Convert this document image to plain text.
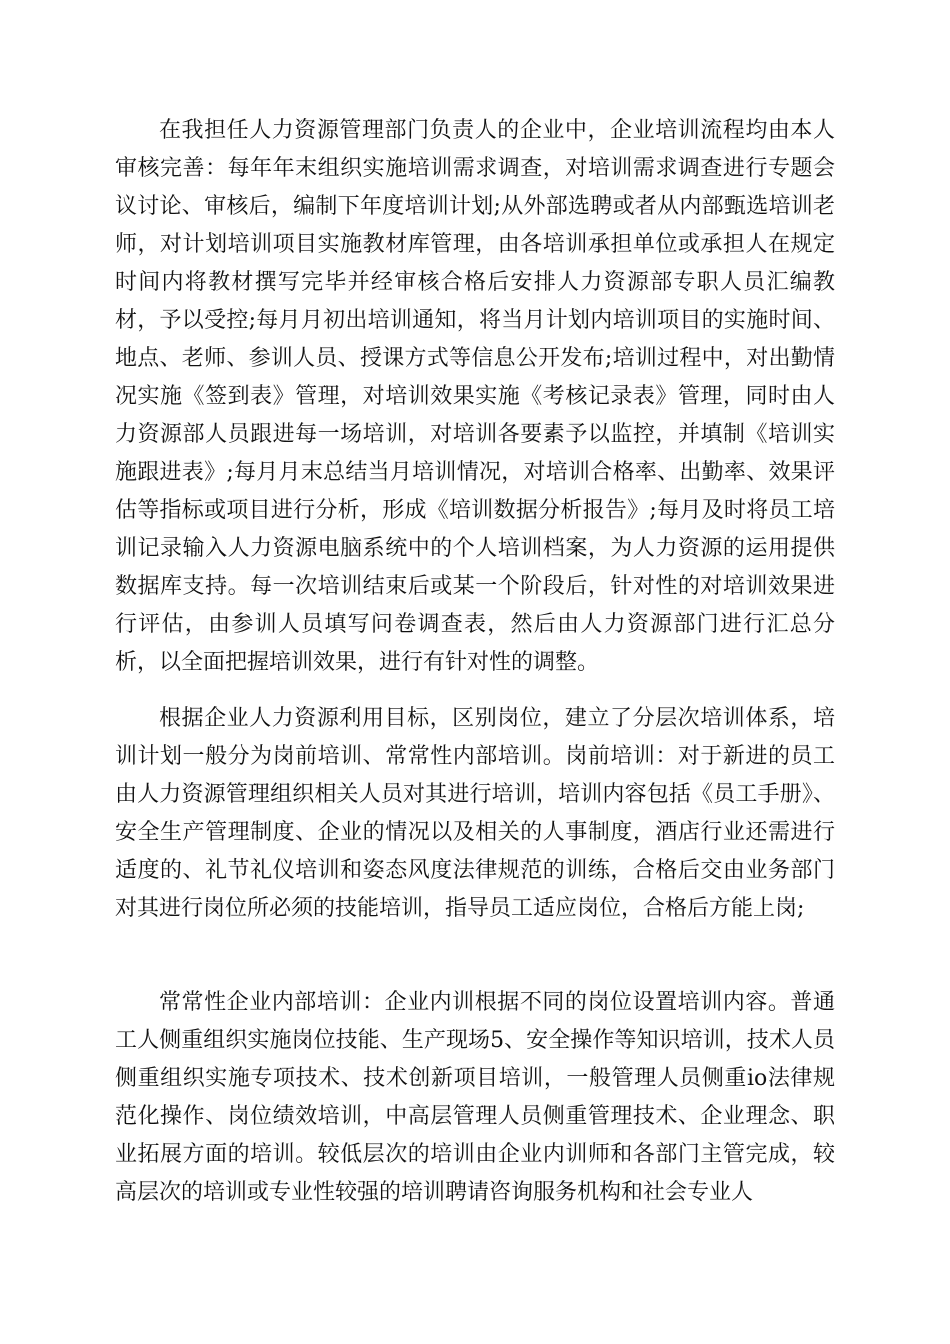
在我担任人力资源管理部门负责人的企业中，企业培训流程均由本人审核完善：每年年末组织实施培训需求调查，对培训需求调查进行专题会议讨论、审核后，编制下年度培训计划;从外部选聘或者从内部甄选培训老师，对计划培训项目实施教材库管理，由各培训承担单位或承担人在规定时间内将教材撰写完毕并经审核合格后安排人力资源部专职人员汇编教材，予以受控;每月月初出培训通知，将当月计划内培训项目的实施时间、地点、老师、参训人员、授课方式等信息公开发布;培训过程中，对出勤情况实施《签到表》管理，对培训效果实施《考核记录表》管理，同时由人力资源部人员跟进每一场培训，对培训各要素予以监控，并填制《培训实施跟进表》;每月月末总结当月培训情况，对培训合格率、出勤率、效果评估等指标或项目进行分析，形成《培训数据分析报告》;每月及时将员工培训记录输入人力资源电脑系统中的个人培训档案，为人力资源的运用提供数据库支持。每一次培训结束后或某一个阶段后，针对性的对培训效果进行评估，由参训人员填写问卷调查表，然后由人力资源部门进行汇总分析，以全面把握培训效果，进行有针对性的调整。

根据企业人力资源利用目标，区别岗位，建立了分层次培训体系，培训计划一般分为岗前培训、常常性内部培训。岗前培训：对于新进的员工由人力资源管理组织相关人员对其进行培训，培训内容包括《员工手册》、安全生产管理制度、企业的情况以及相关的人事制度，酒店行业还需进行适度的、礼节礼仪培训和姿态风度法律规范的训练，合格后交由业务部门对其进行岗位所必须的技能培训，指导员工适应岗位，合格后方能上岗;

常常性企业内部培训：企业内训根据不同的岗位设置培训内容。普通工人侧重组织实施岗位技能、生产现场5、安全操作等知识培训，技术人员侧重组织实施专项技术、技术创新项目培训，一般管理人员侧重io法律规范化操作、岗位绩效培训，中高层管理人员侧重管理技术、企业理念、职业拓展方面的培训。较低层次的培训由企业内训师和各部门主管完成，较高层次的培训或专业性较强的培训聘请咨询服务机构和社会专业人
